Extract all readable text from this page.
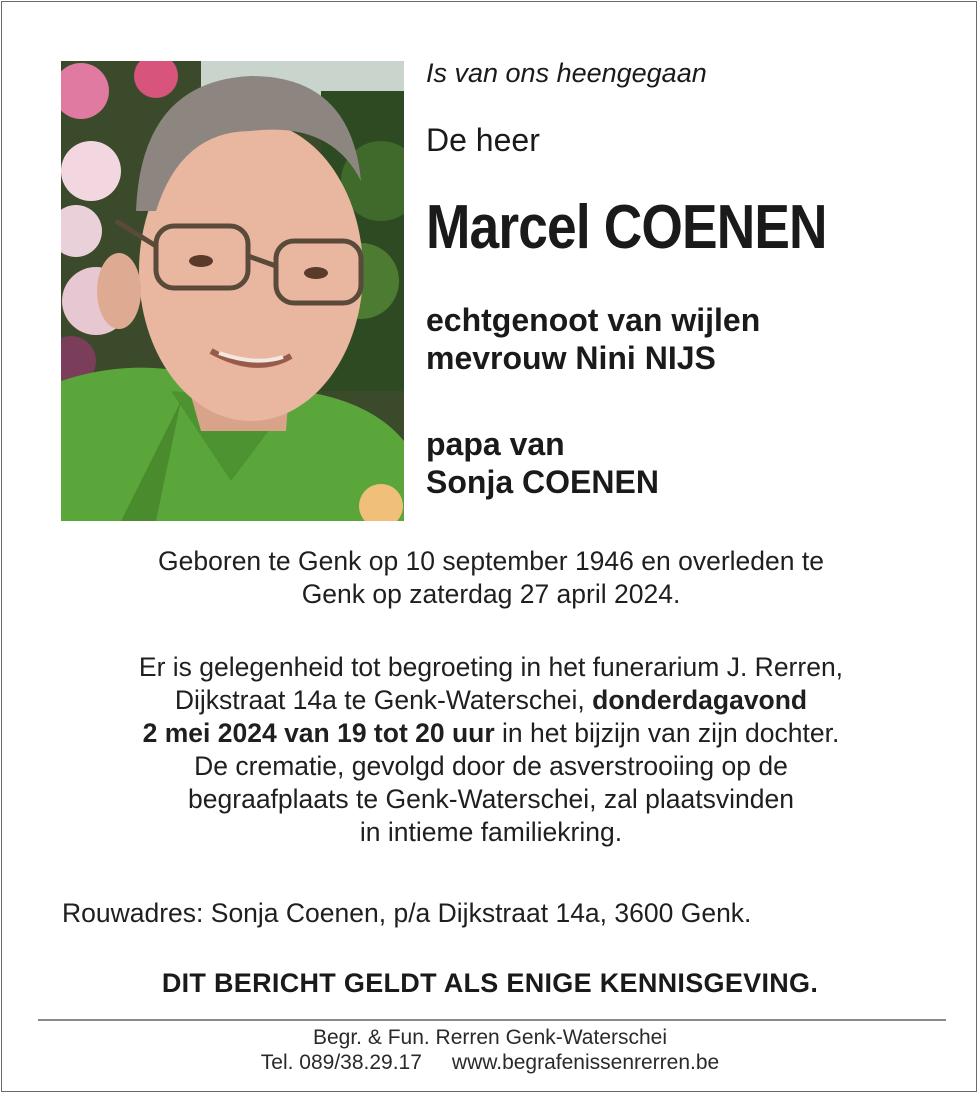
Is van ons heengegaan
De heer
Marcel COENEN
echtgenoot van wijlen
mevrouw Nini NIJS
papa van
Sonja COENEN
Geboren te Genk op 10 september 1946 en overleden te
Genk op zaterdag 27 april 2024.
Er is gelegenheid tot begroeting in het funerarium J. Rerren,
Dijkstraat 14a te Genk-Waterschei, donderdagavond
2 mei 2024 van 19 tot 20 uur in het bijzijn van zijn dochter.
De crematie, gevolgd door de asverstrooiing op de
begraafplaats te Genk-Waterschei, zal plaatsvinden
in intieme familiekring.
Rouwadres: Sonja Coenen, p/a Dijkstraat 14a, 3600 Genk.
DIT BERICHT GELDT ALS ENIGE KENNISGEVING.
Begr. & Fun. Rerren Genk-Waterschei
Tel. 089/38.29.17 www.begrafenissenrerren.be
